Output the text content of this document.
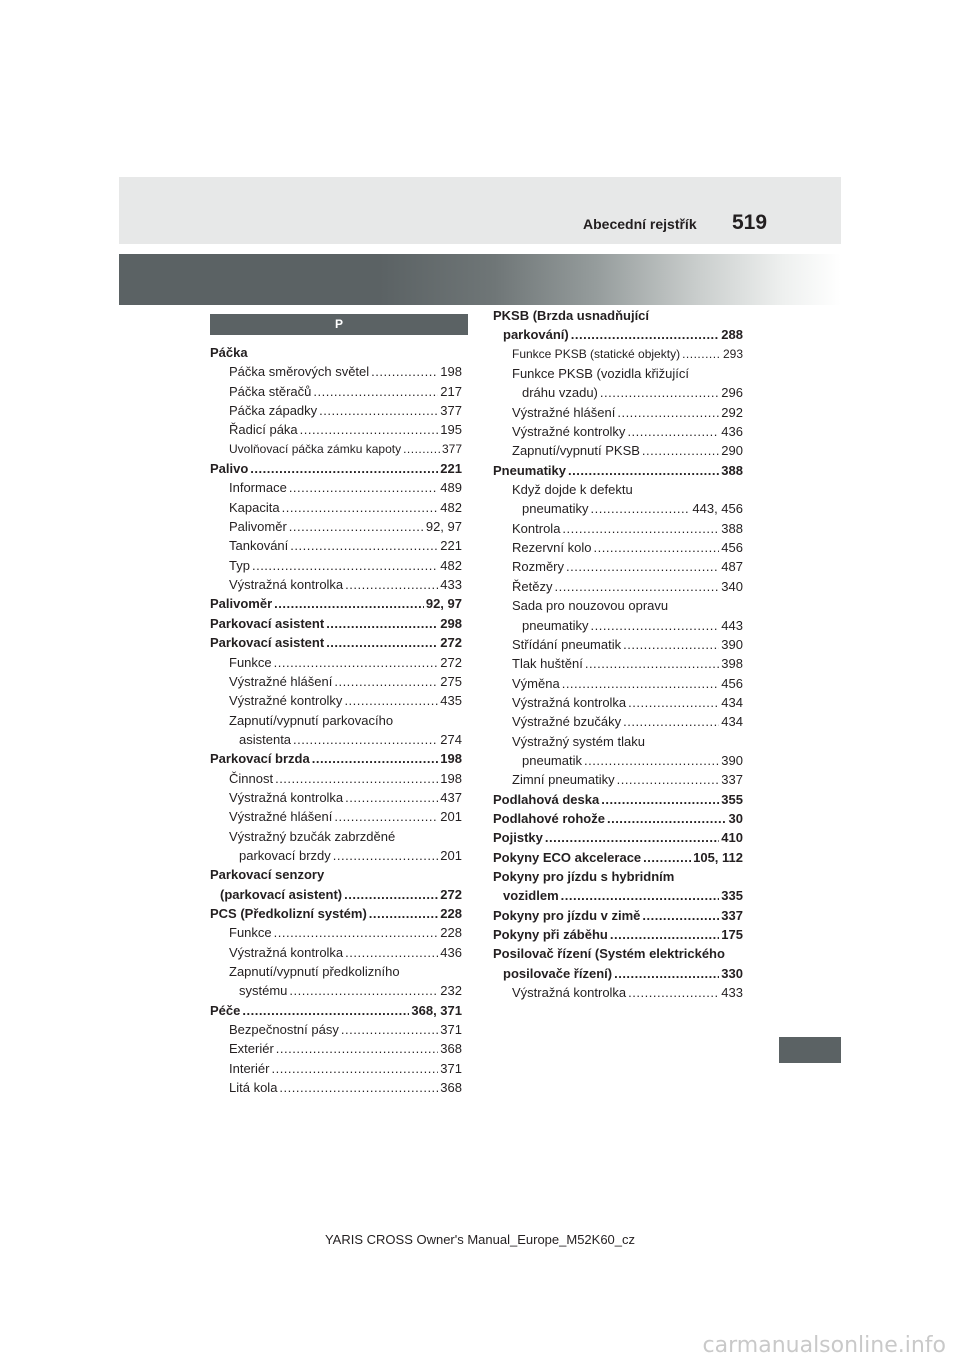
Abecední rejstřík 519
P
Páčka
Páčka směrových světel .....	198
Páčka stěračů .....	217
Páčka západky .....	377
Řadicí páka .....	195
Uvolňovací páčka zámku kapoty .....	377
Palivo .....	221
Informace .....	489
Kapacita .....	482
Palivoměr .....	92, 97
Tankování .....	221
Typ .....	482
Výstražná kontrolka .....	433
Palivoměr .....	92, 97
Parkovací asistent .....	298
Parkovací asistent .....	272
Funkce .....	272
Výstražné hlášení .....	275
Výstražné kontrolky .....	435
Zapnutí/vypnutí parkovacího
asistenta .....	274
Parkovací brzda .....	198
Činnost .....	198
Výstražná kontrolka .....	437
Výstražné hlášení .....	201
Výstražný bzučák zabrzděné
parkovací brzdy .....	201
Parkovací senzory
(parkovací asistent) .....	272
PCS (Předkolizní systém) .....	228
Funkce .....	228
Výstražná kontrolka .....	436
Zapnutí/vypnutí předkolizního
systému .....	232
Péče .....	368, 371
Bezpečnostní pásy .....	371
Exteriér .....	368
Interiér .....	371
Litá kola .....	368
PKSB (Brzda usnadňující
parkování) .....	288
Funkce PKSB (statické objekty) .....	293
Funkce PKSB (vozidla křižující
dráhu vzadu) .....	296
Výstražné hlášení .....	292
Výstražné kontrolky .....	436
Zapnutí/vypnutí PKSB .....	290
Pneumatiky .....	388
Když dojde k defektu
pneumatiky .....	443, 456
Kontrola .....	388
Rezervní kolo .....	456
Rozměry .....	487
Řetězy .....	340
Sada pro nouzovou opravu
pneumatiky .....	443
Střídání pneumatik .....	390
Tlak huštění .....	398
Výměna .....	456
Výstražná kontrolka .....	434
Výstražné bzučáky .....	434
Výstražný systém tlaku
pneumatik .....	390
Zimní pneumatiky .....	337
Podlahová deska .....	355
Podlahové rohože .....	30
Pojistky .....	410
Pokyny ECO akcelerace .....	105, 112
Pokyny pro jízdu s hybridním
vozidlem .....	335
Pokyny pro jízdu v zimě .....	337
Pokyny při záběhu .....	175
Posilovač řízení (Systém elektrického
posilovače řízení) .....	330
Výstražná kontrolka .....	433
YARIS CROSS Owner's Manual_Europe_M52K60_cz
carmanualsonline.info
